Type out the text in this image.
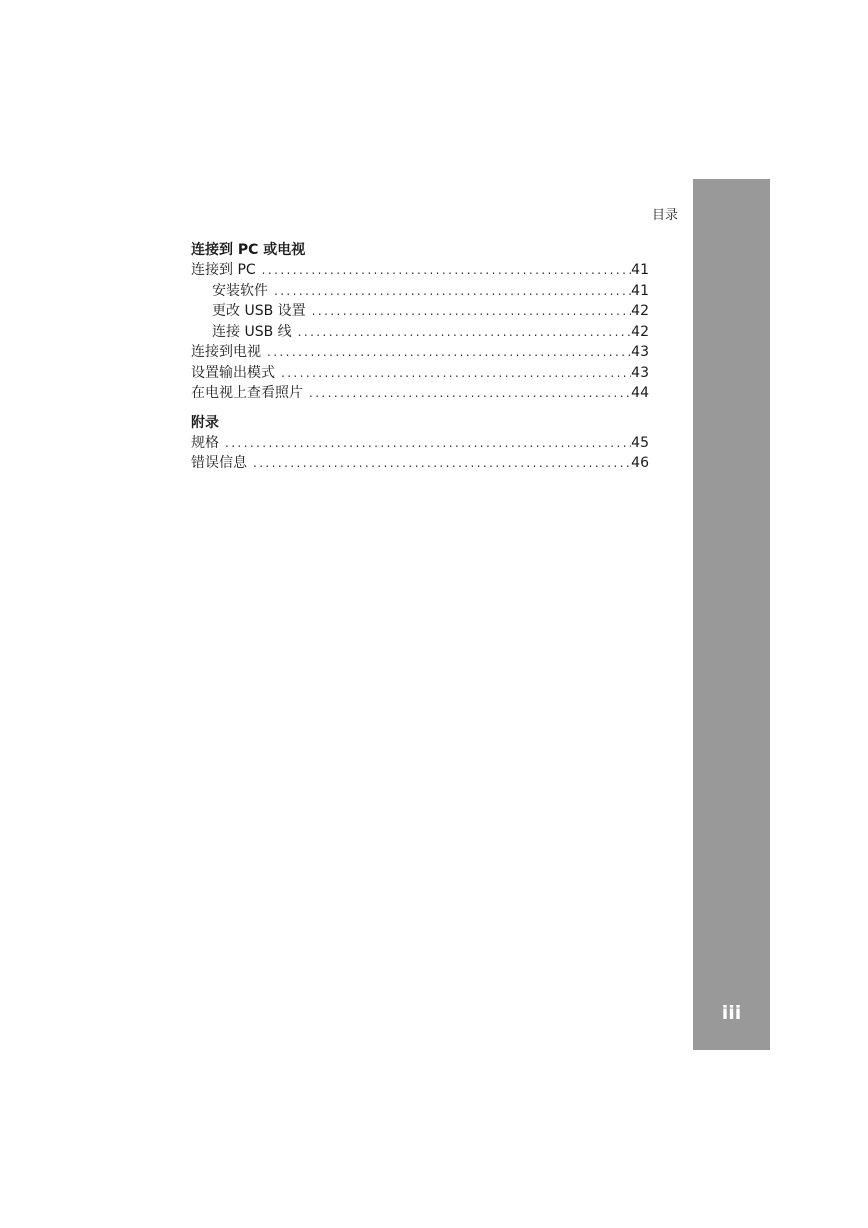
目录
连接到 PC 或电视
连接到 PC .....	41
安装软件 .....	41
更改 USB 设置 .....	42
连接 USB 线 .....	42
连接到电视 .....	43
设置输出模式 .....	43
在电视上查看照片 .....	44
附录
规格 .....	45
错误信息 .....	46
iii
